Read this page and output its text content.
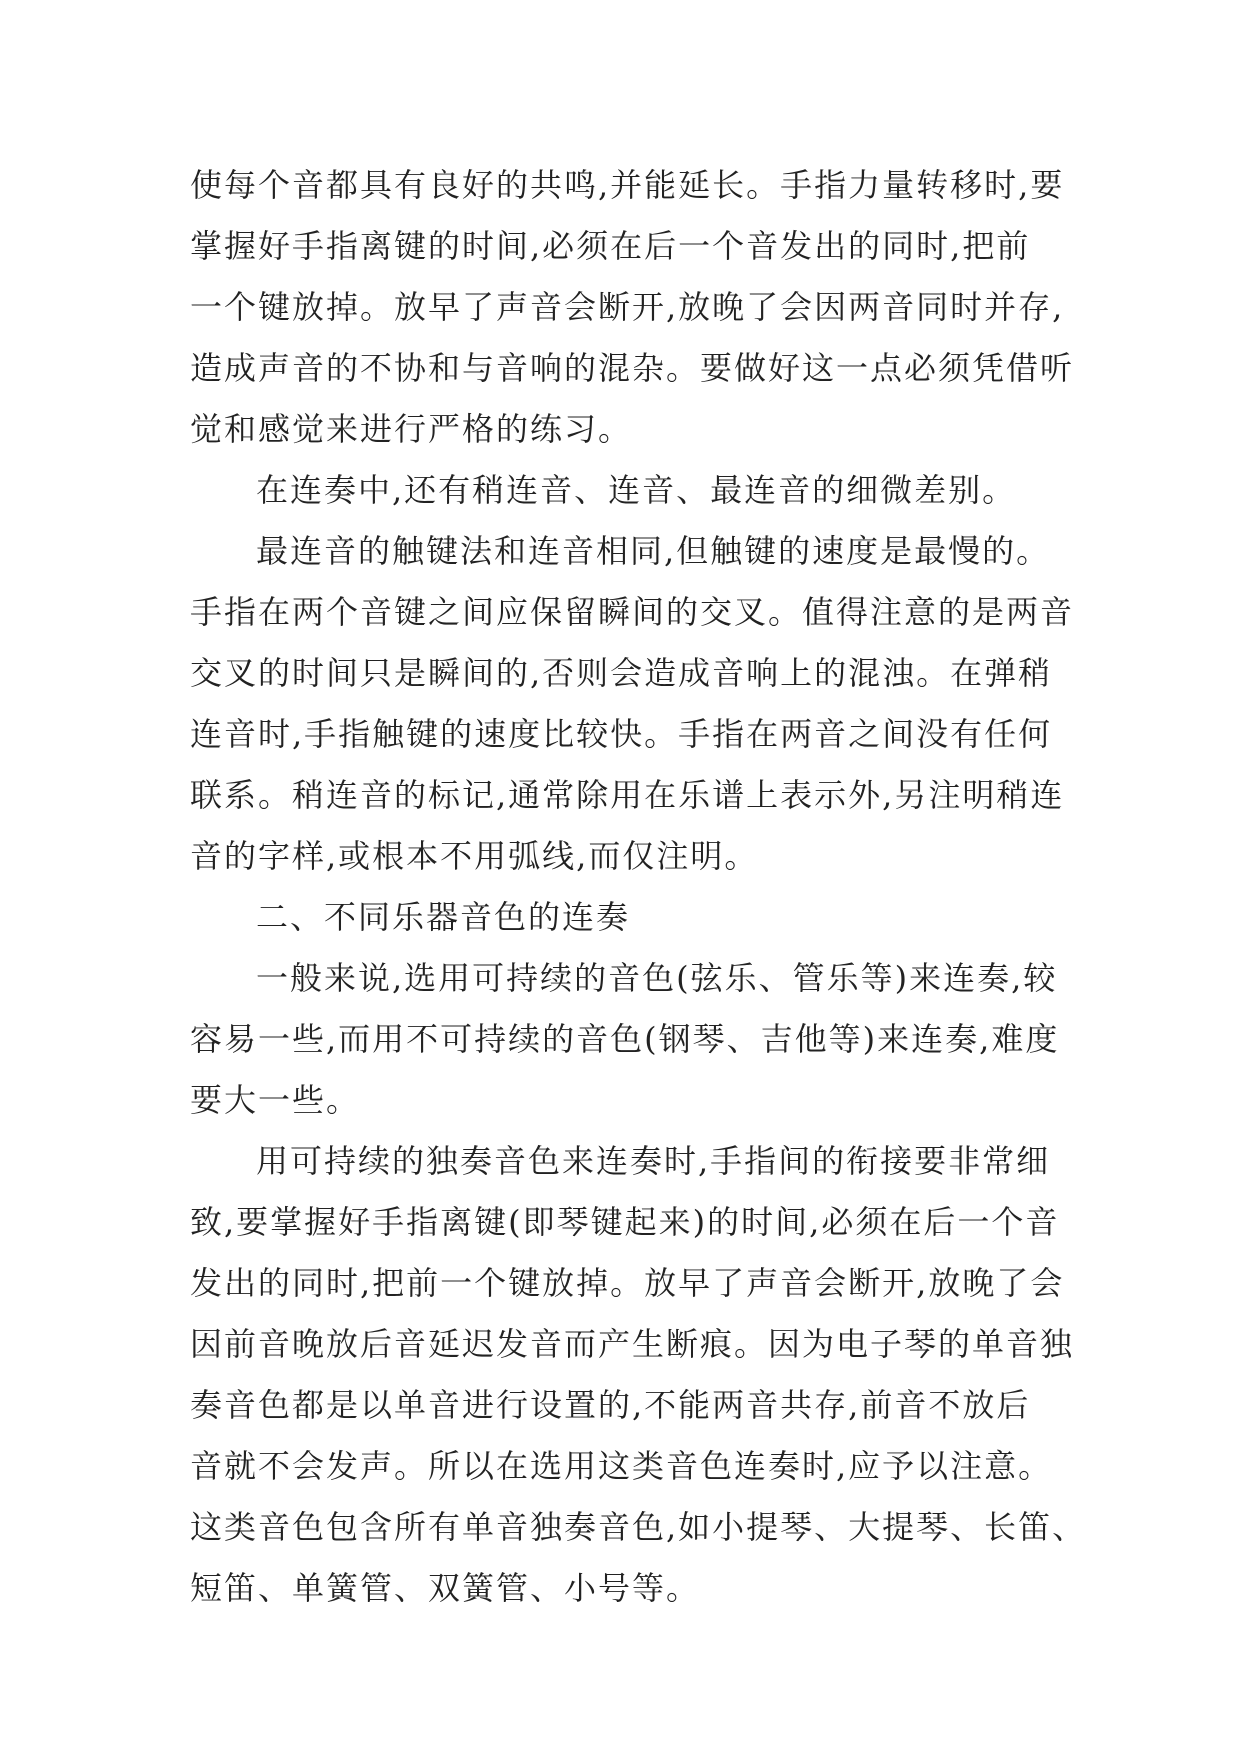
使每个音都具有良好的共鸣,并能延长。手指力量转移时,要
掌握好手指离键的时间,必须在后一个音发出的同时,把前
一个键放掉。放早了声音会断开,放晚了会因两音同时并存,
造成声音的不协和与音响的混杂。要做好这一点必须凭借听
觉和感觉来进行严格的练习。
在连奏中,还有稍连音、连音、最连音的细微差别。
最连音的触键法和连音相同,但触键的速度是最慢的。
手指在两个音键之间应保留瞬间的交叉。值得注意的是两音
交叉的时间只是瞬间的,否则会造成音响上的混浊。在弹稍
连音时,手指触键的速度比较快。手指在两音之间没有任何
联系。稍连音的标记,通常除用在乐谱上表示外,另注明稍连
音的字样,或根本不用弧线,而仅注明。
二、不同乐器音色的连奏
一般来说,选用可持续的音色(弦乐、管乐等)来连奏,较
容易一些,而用不可持续的音色(钢琴、吉他等)来连奏,难度
要大一些。
用可持续的独奏音色来连奏时,手指间的衔接要非常细
致,要掌握好手指离键(即琴键起来)的时间,必须在后一个音
发出的同时,把前一个键放掉。放早了声音会断开,放晚了会
因前音晚放后音延迟发音而产生断痕。因为电子琴的单音独
奏音色都是以单音进行设置的,不能两音共存,前音不放后
音就不会发声。所以在选用这类音色连奏时,应予以注意。
这类音色包含所有单音独奏音色,如小提琴、大提琴、长笛、
短笛、单簧管、双簧管、小号等。
